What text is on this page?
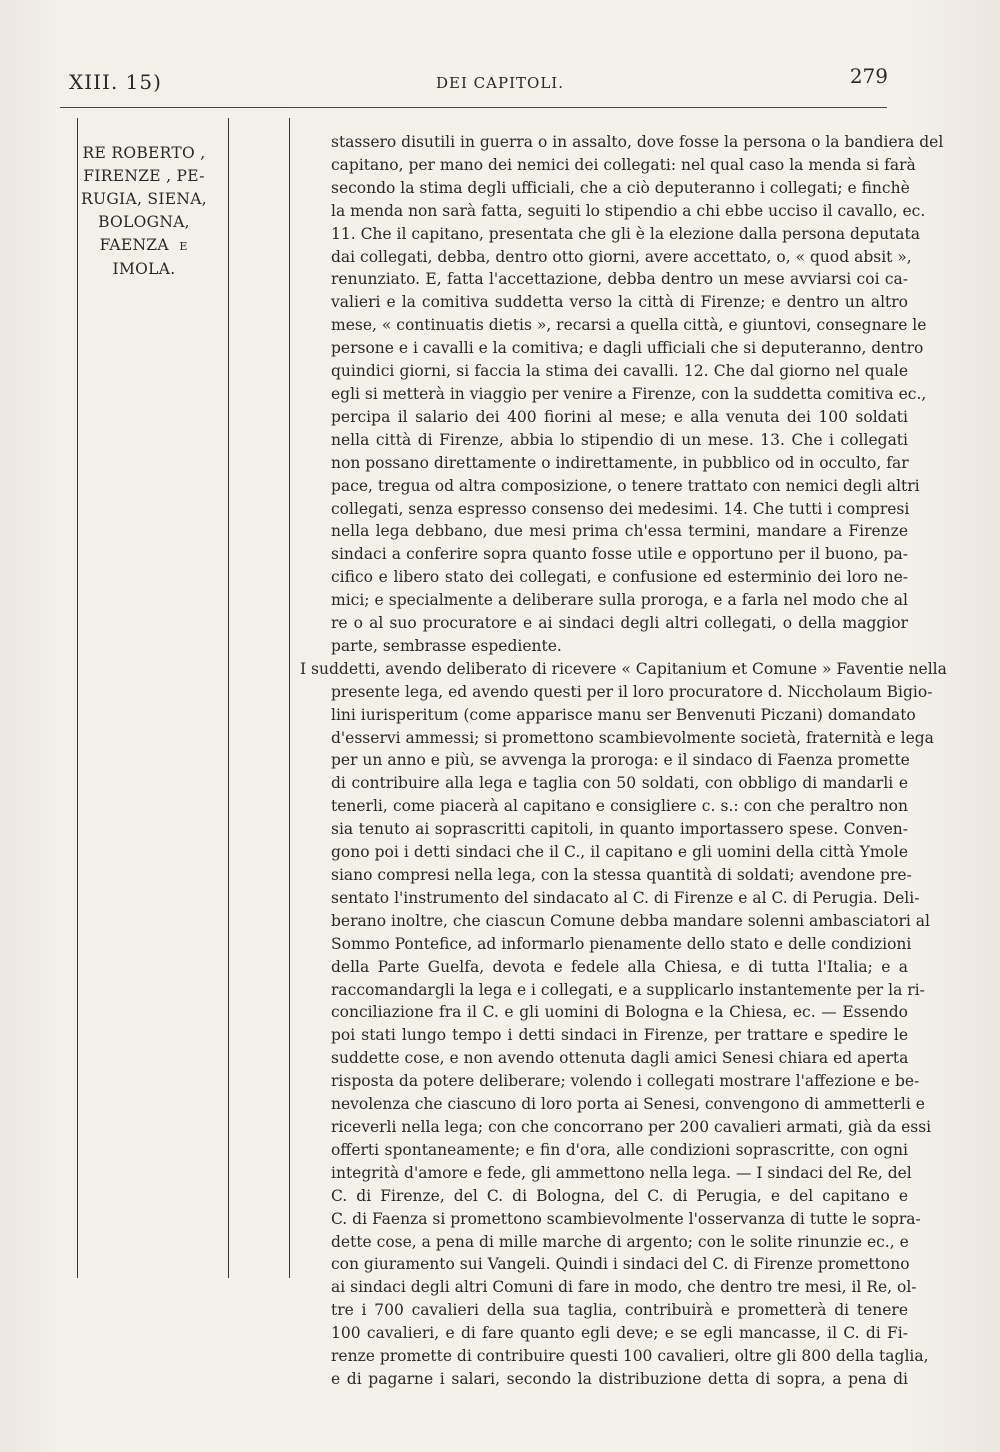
XIII. 15)	DEI CAPITOLI.	279
RE ROBERTO ,
FIRENZE , PE-
RUGIA, SIENA,
BOLOGNA,
FAENZA E
IMOLA.
stassero disutili in guerra o in assalto, dove fosse la persona o la bandiera del
capitano, per mano dei nemici dei collegati: nel qual caso la menda si farà
secondo la stima degli ufficiali, che a ciò deputeranno i collegati; e finchè
la menda non sarà fatta, seguiti lo stipendio a chi ebbe ucciso il cavallo, ec.
11. Che il capitano, presentata che gli è la elezione dalla persona deputata
dai collegati, debba, dentro otto giorni, avere accettato, o, « quod absit »,
renunziato. E, fatta l'accettazione, debba dentro un mese avviarsi coi ca-
valieri e la comitiva suddetta verso la città di Firenze; e dentro un altro
mese, « continuatis dietis », recarsi a quella città, e giuntovi, consegnare le
persone e i cavalli e la comitiva; e dagli ufficiali che si deputeranno, dentro
quindici giorni, si faccia la stima dei cavalli. 12. Che dal giorno nel quale
egli si metterà in viaggio per venire a Firenze, con la suddetta comitiva ec.,
percipa il salario dei 400 fiorini al mese; e alla venuta dei 100 soldati
nella città di Firenze, abbia lo stipendio di un mese. 13. Che i collegati
non possano direttamente o indirettamente, in pubblico od in occulto, far
pace, tregua od altra composizione, o tenere trattato con nemici degli altri
collegati, senza espresso consenso dei medesimi. 14. Che tutti i compresi
nella lega debbano, due mesi prima ch'essa termini, mandare a Firenze
sindaci a conferire sopra quanto fosse utile e opportuno per il buono, pa-
cifico e libero stato dei collegati, e confusione ed esterminio dei loro ne-
mici; e specialmente a deliberare sulla proroga, e a farla nel modo che al
re o al suo procuratore e ai sindaci degli altri collegati, o della maggior
parte, sembrasse espediente.
I suddetti, avendo deliberato di ricevere « Capitanium et Comune » Faventie nella
presente lega, ed avendo questi per il loro procuratore d. Niccholaum Bigio-
lini iurisperitum (come apparisce manu ser Benvenuti Piczani) domandato
d'esservi ammessi; si promettono scambievolmente società, fraternità e lega
per un anno e più, se avvenga la proroga: e il sindaco di Faenza promette
di contribuire alla lega e taglia con 50 soldati, con obbligo di mandarli e
tenerli, come piacerà al capitano e consigliere c. s.: con che peraltro non
sia tenuto ai soprascritti capitoli, in quanto importassero spese. Conven-
gono poi i detti sindaci che il C., il capitano e gli uomini della città Ymole
siano compresi nella lega, con la stessa quantità di soldati; avendone pre-
sentato l'instrumento del sindacato al C. di Firenze e al C. di Perugia. Deli-
berano inoltre, che ciascun Comune debba mandare solenni ambasciatori al
Sommo Pontefice, ad informarlo pienamente dello stato e delle condizioni
della Parte Guelfa, devota e fedele alla Chiesa, e di tutta l'Italia; e a
raccomandargli la lega e i collegati, e a supplicarlo instantemente per la ri-
conciliazione fra il C. e gli uomini di Bologna e la Chiesa, ec. — Essendo
poi stati lungo tempo i detti sindaci in Firenze, per trattare e spedire le
suddette cose, e non avendo ottenuta dagli amici Senesi chiara ed aperta
risposta da potere deliberare; volendo i collegati mostrare l'affezione e be-
nevolenza che ciascuno di loro porta ai Senesi, convengono di ammetterli e
riceverli nella lega; con che concorrano per 200 cavalieri armati, già da essi
offerti spontaneamente; e fin d'ora, alle condizioni soprascritte, con ogni
integrità d'amore e fede, gli ammettono nella lega. — I sindaci del Re, del
C. di Firenze, del C. di Bologna, del C. di Perugia, e del capitano e
C. di Faenza si promettono scambievolmente l'osservanza di tutte le sopra-
dette cose, a pena di mille marche di argento; con le solite rinunzie ec., e
con giuramento sui Vangeli. Quindi i sindaci del C. di Firenze promettono
ai sindaci degli altri Comuni di fare in modo, che dentro tre mesi, il Re, ol-
tre i 700 cavalieri della sua taglia, contribuirà e prometterà di tenere
100 cavalieri, e di fare quanto egli deve; e se egli mancasse, il C. di Fi-
renze promette di contribuire questi 100 cavalieri, oltre gli 800 della taglia,
e di pagarne i salari, secondo la distribuzione detta di sopra, a pena di
